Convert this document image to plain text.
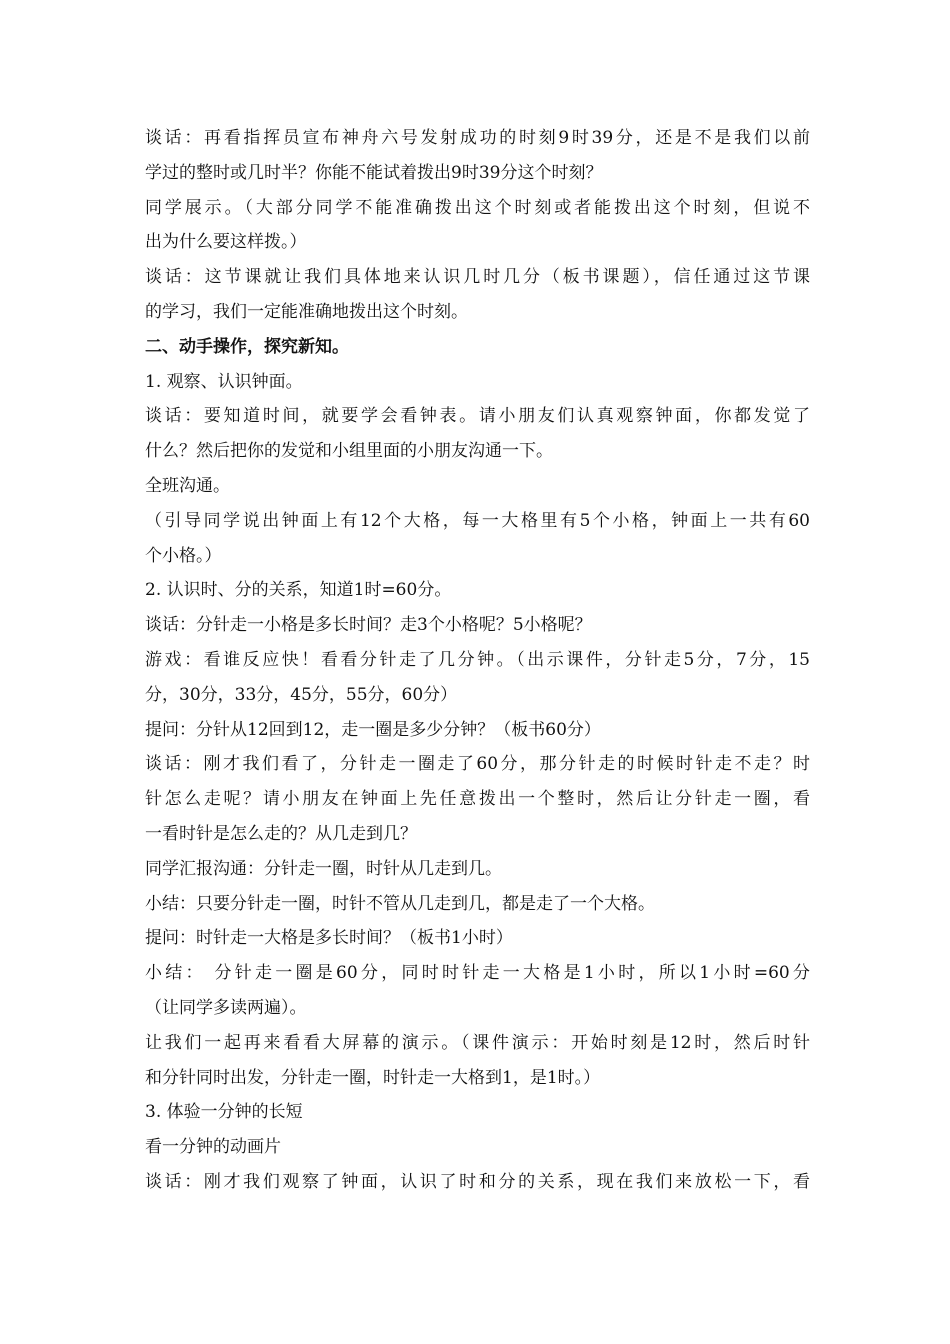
谈话：再看指挥员宣布神舟六号发射成功的时刻9时39分，还是不是我们以前
学过的整时或几时半？你能不能试着拨出9时39分这个时刻？
同学展示。（大部分同学不能准确拨出这个时刻或者能拨出这个时刻，但说不
出为什么要这样拨。）
谈话：这节课就让我们具体地来认识几时几分（板书课题），信任通过这节课
的学习，我们一定能准确地拨出这个时刻。
二、动手操作，探究新知。
1. 观察、认识钟面。
谈话：要知道时间，就要学会看钟表。请小朋友们认真观察钟面，你都发觉了
什么？然后把你的发觉和小组里面的小朋友沟通一下。
全班沟通。
（引导同学说出钟面上有12个大格，每一大格里有5个小格，钟面上一共有60
个小格。）
2. 认识时、分的关系，知道1时=60分。
谈话：分针走一小格是多长时间？走3个小格呢？5小格呢？
游戏：看谁反应快！看看分针走了几分钟。（出示课件，分针走5分，7分，15
分，30分，33分，45分，55分，60分）
提问：分针从12回到12，走一圈是多少分钟？（板书60分）
谈话：刚才我们看了，分针走一圈走了60分，那分针走的时候时针走不走？时
针怎么走呢？请小朋友在钟面上先任意拨出一个整时，然后让分针走一圈，看
一看时针是怎么走的？从几走到几？
同学汇报沟通：分针走一圈，时针从几走到几。
小结：只要分针走一圈，时针不管从几走到几，都是走了一个大格。
提问：时针走一大格是多长时间？（板书1小时）
小结： 分针走一圈是60分，同时时针走一大格是1小时，所以1小时=60分
（让同学多读两遍）。
让我们一起再来看看大屏幕的演示。（课件演示：开始时刻是12时，然后时针
和分针同时出发，分针走一圈，时针走一大格到1，是1时。）
3. 体验一分钟的长短
看一分钟的动画片
谈话：刚才我们观察了钟面，认识了时和分的关系，现在我们来放松一下，看
